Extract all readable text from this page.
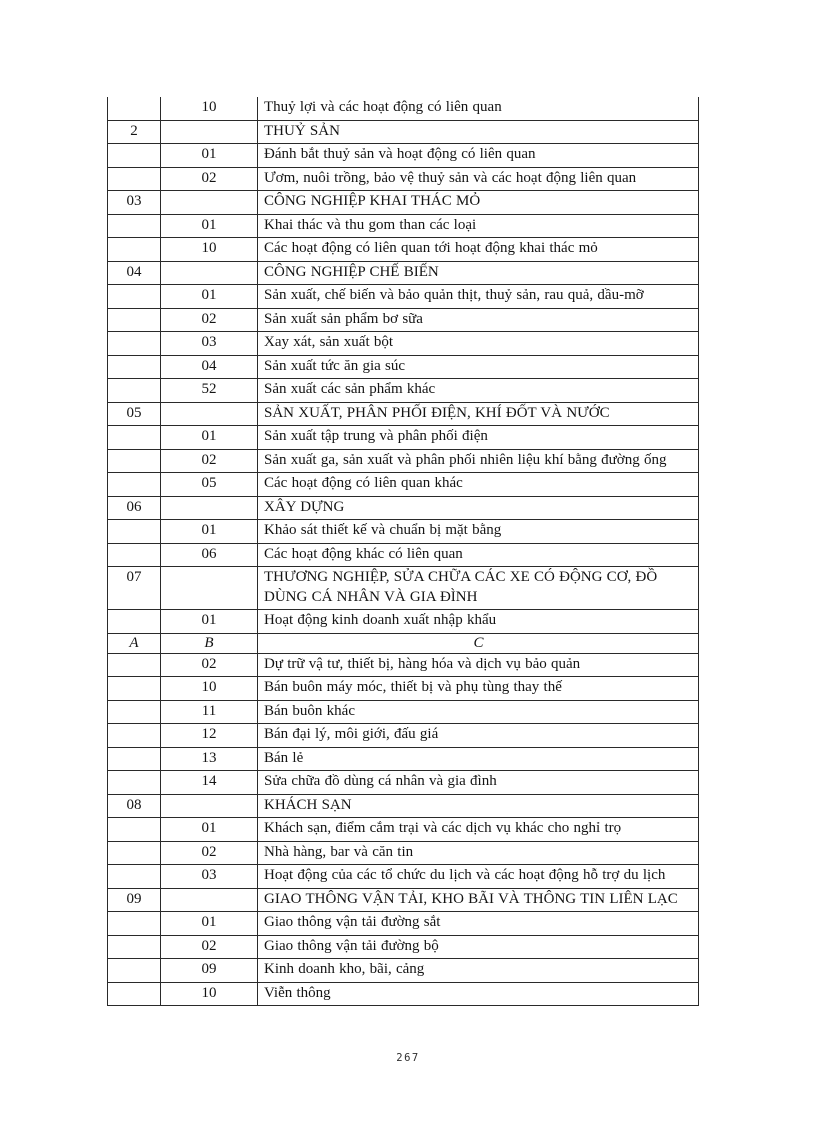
	10	Thuỷ lợi và các hoạt động có liên quan
2		THUỶ SẢN
	01	Đánh bắt thuỷ sản và hoạt động có liên quan
	02	Ươm, nuôi trồng, bảo vệ thuỷ sản và các hoạt động liên quan
03		CÔNG NGHIỆP KHAI THÁC MỎ
	01	Khai thác và thu gom than các loại
	10	Các hoạt động có liên quan tới hoạt động khai thác mỏ
04		CÔNG NGHIỆP CHẾ BIẾN
	01	Sản xuất, chế biến và bảo quản thịt, thuỷ sản, rau quả, dầu-mỡ
	02	Sản xuất sản phẩm bơ sữa
	03	Xay xát, sản xuất bột
	04	Sản xuất tức ăn gia súc
	52	Sản xuất các sản phẩm khác
05		SẢN XUẤT, PHÂN PHỐI ĐIỆN, KHÍ ĐỐT VÀ NƯỚC
	01	Sản xuất tập trung và phân phối điện
	02	Sản xuất ga, sản xuất và phân phối nhiên liệu khí bằng đường ống
	05	Các hoạt động có liên quan khác
06		XÂY DỰNG
	01	Khảo sát thiết kế và chuẩn bị mặt bằng
	06	Các hoạt động khác có liên quan
07		THƯƠNG NGHIỆP, SỬA CHỮA CÁC XE CÓ ĐỘNG CƠ, ĐỒ DÙNG CÁ NHÂN VÀ GIA ĐÌNH
	01	Hoạt động kinh doanh xuất nhập khẩu
A	B	C
	02	Dự trữ vậ tư, thiết bị, hàng hóa và dịch vụ bảo quản
	10	Bán buôn máy móc, thiết bị và phụ tùng thay thế
	11	Bán buôn khác
	12	Bán đại lý, môi giới, đấu giá
	13	Bán lẻ
	14	Sửa chữa đồ dùng cá nhân và gia đình
08		KHÁCH SẠN
	01	Khách sạn, điểm cắm trại và các dịch vụ khác cho nghỉ trọ
	02	Nhà hàng, bar và căn tin
	03	Hoạt động của các tổ chức du lịch và các hoạt động hỗ trợ du lịch
09		GIAO THÔNG VẬN TẢI, KHO BÃI VÀ THÔNG TIN LIÊN LẠC
	01	Giao thông vận tải đường sắt
	02	Giao thông vận tải đường bộ
	09	Kinh doanh kho, bãi, cảng
	10	Viễn thông
267
